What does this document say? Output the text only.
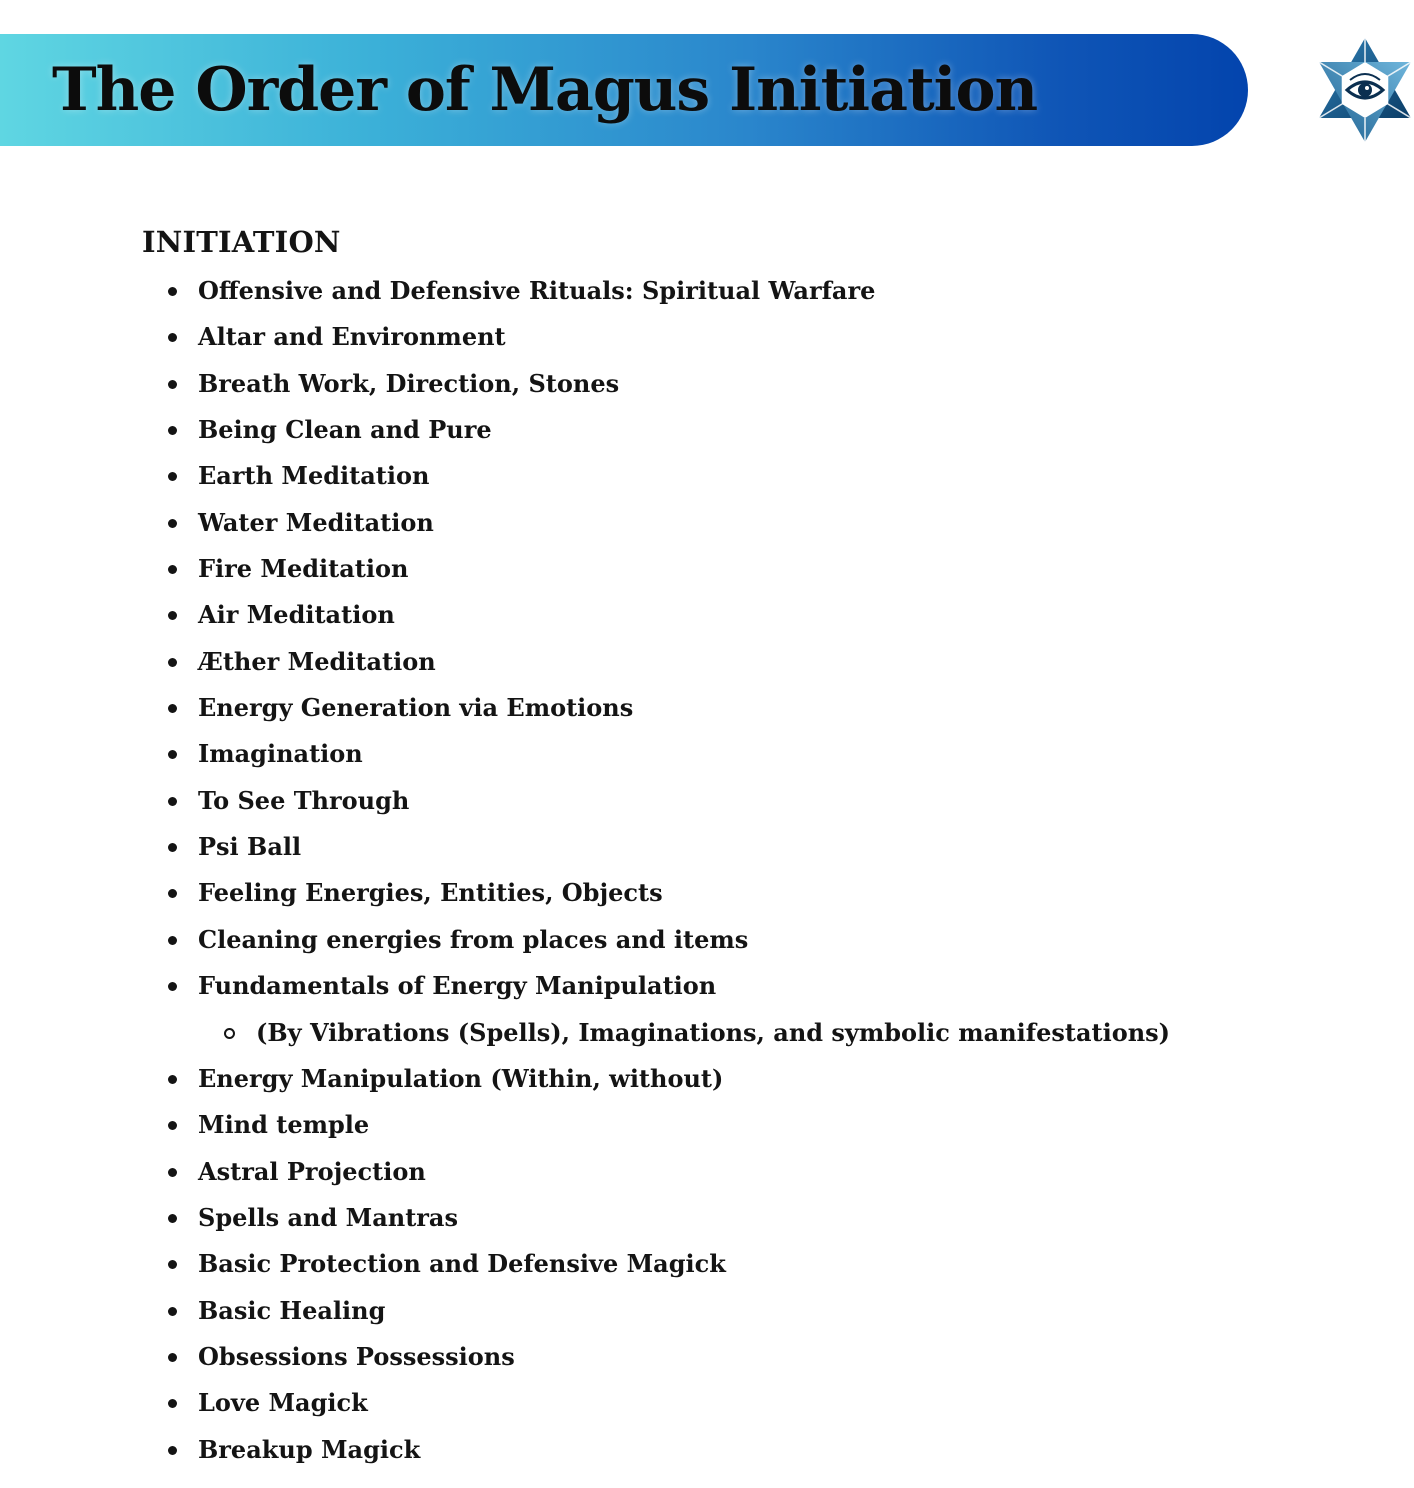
The Order of Magus Initiation
INITIATION
Offensive and Defensive Rituals: Spiritual Warfare
Altar and Environment
Breath Work, Direction, Stones
Being Clean and Pure
Earth Meditation
Water Meditation
Fire Meditation
Air Meditation
Æther Meditation
Energy Generation via Emotions
Imagination
To See Through
Psi Ball
Feeling Energies, Entities, Objects
Cleaning energies from places and items
Fundamentals of Energy Manipulation
(By Vibrations (Spells), Imaginations, and symbolic manifestations)
Energy Manipulation (Within, without)
Mind temple
Astral Projection
Spells and Mantras
Basic Protection and Defensive Magick
Basic Healing
Obsessions Possessions
Love Magick
Breakup Magick
